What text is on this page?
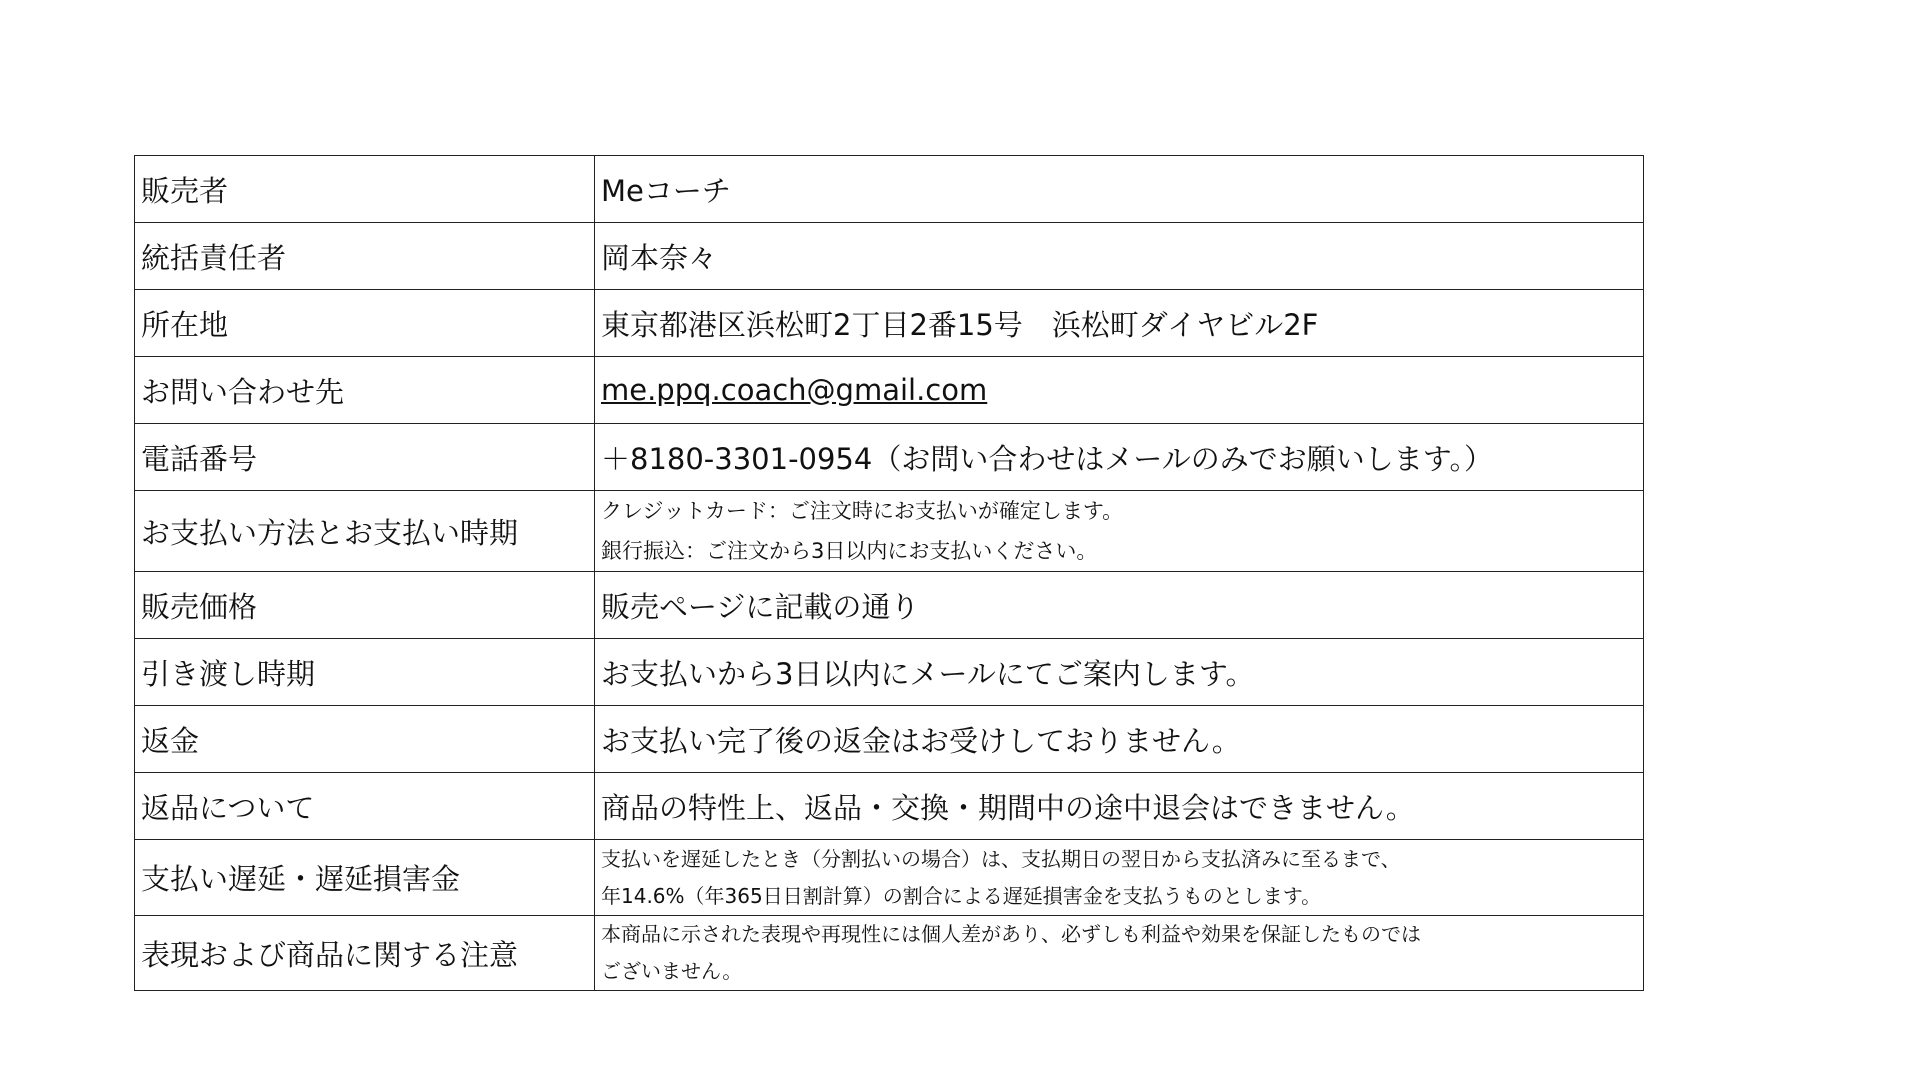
販売者	Meコーチ
統括責任者	岡本奈々
所在地	東京都港区浜松町2丁目2番15号　浜松町ダイヤビル2F
お問い合わせ先	me.ppq.coach@gmail.com
電話番号	＋8180-3301-0954（お問い合わせはメールのみでお願いします。）
お支払い方法とお支払い時期	クレジットカード：ご注文時にお支払いが確定します。
銀行振込：ご注文から3日以内にお支払いください。

販売価格	販売ページに記載の通り
引き渡し時期	お支払いから3日以内にメールにてご案内します。
返金	お支払い完了後の返金はお受けしておりません。
返品について	商品の特性上、返品・交換・期間中の途中退会はできません。
支払い遅延・遅延損害金	支払いを遅延したとき（分割払いの場合）は、支払期日の翌日から支払済みに至るまで、
年14.6%（年365日日割計算）の割合による遅延損害金を支払うものとします。

表現および商品に関する注意	本商品に示された表現や再現性には個人差があり、必ずしも利益や効果を保証したものでは
ございません。
